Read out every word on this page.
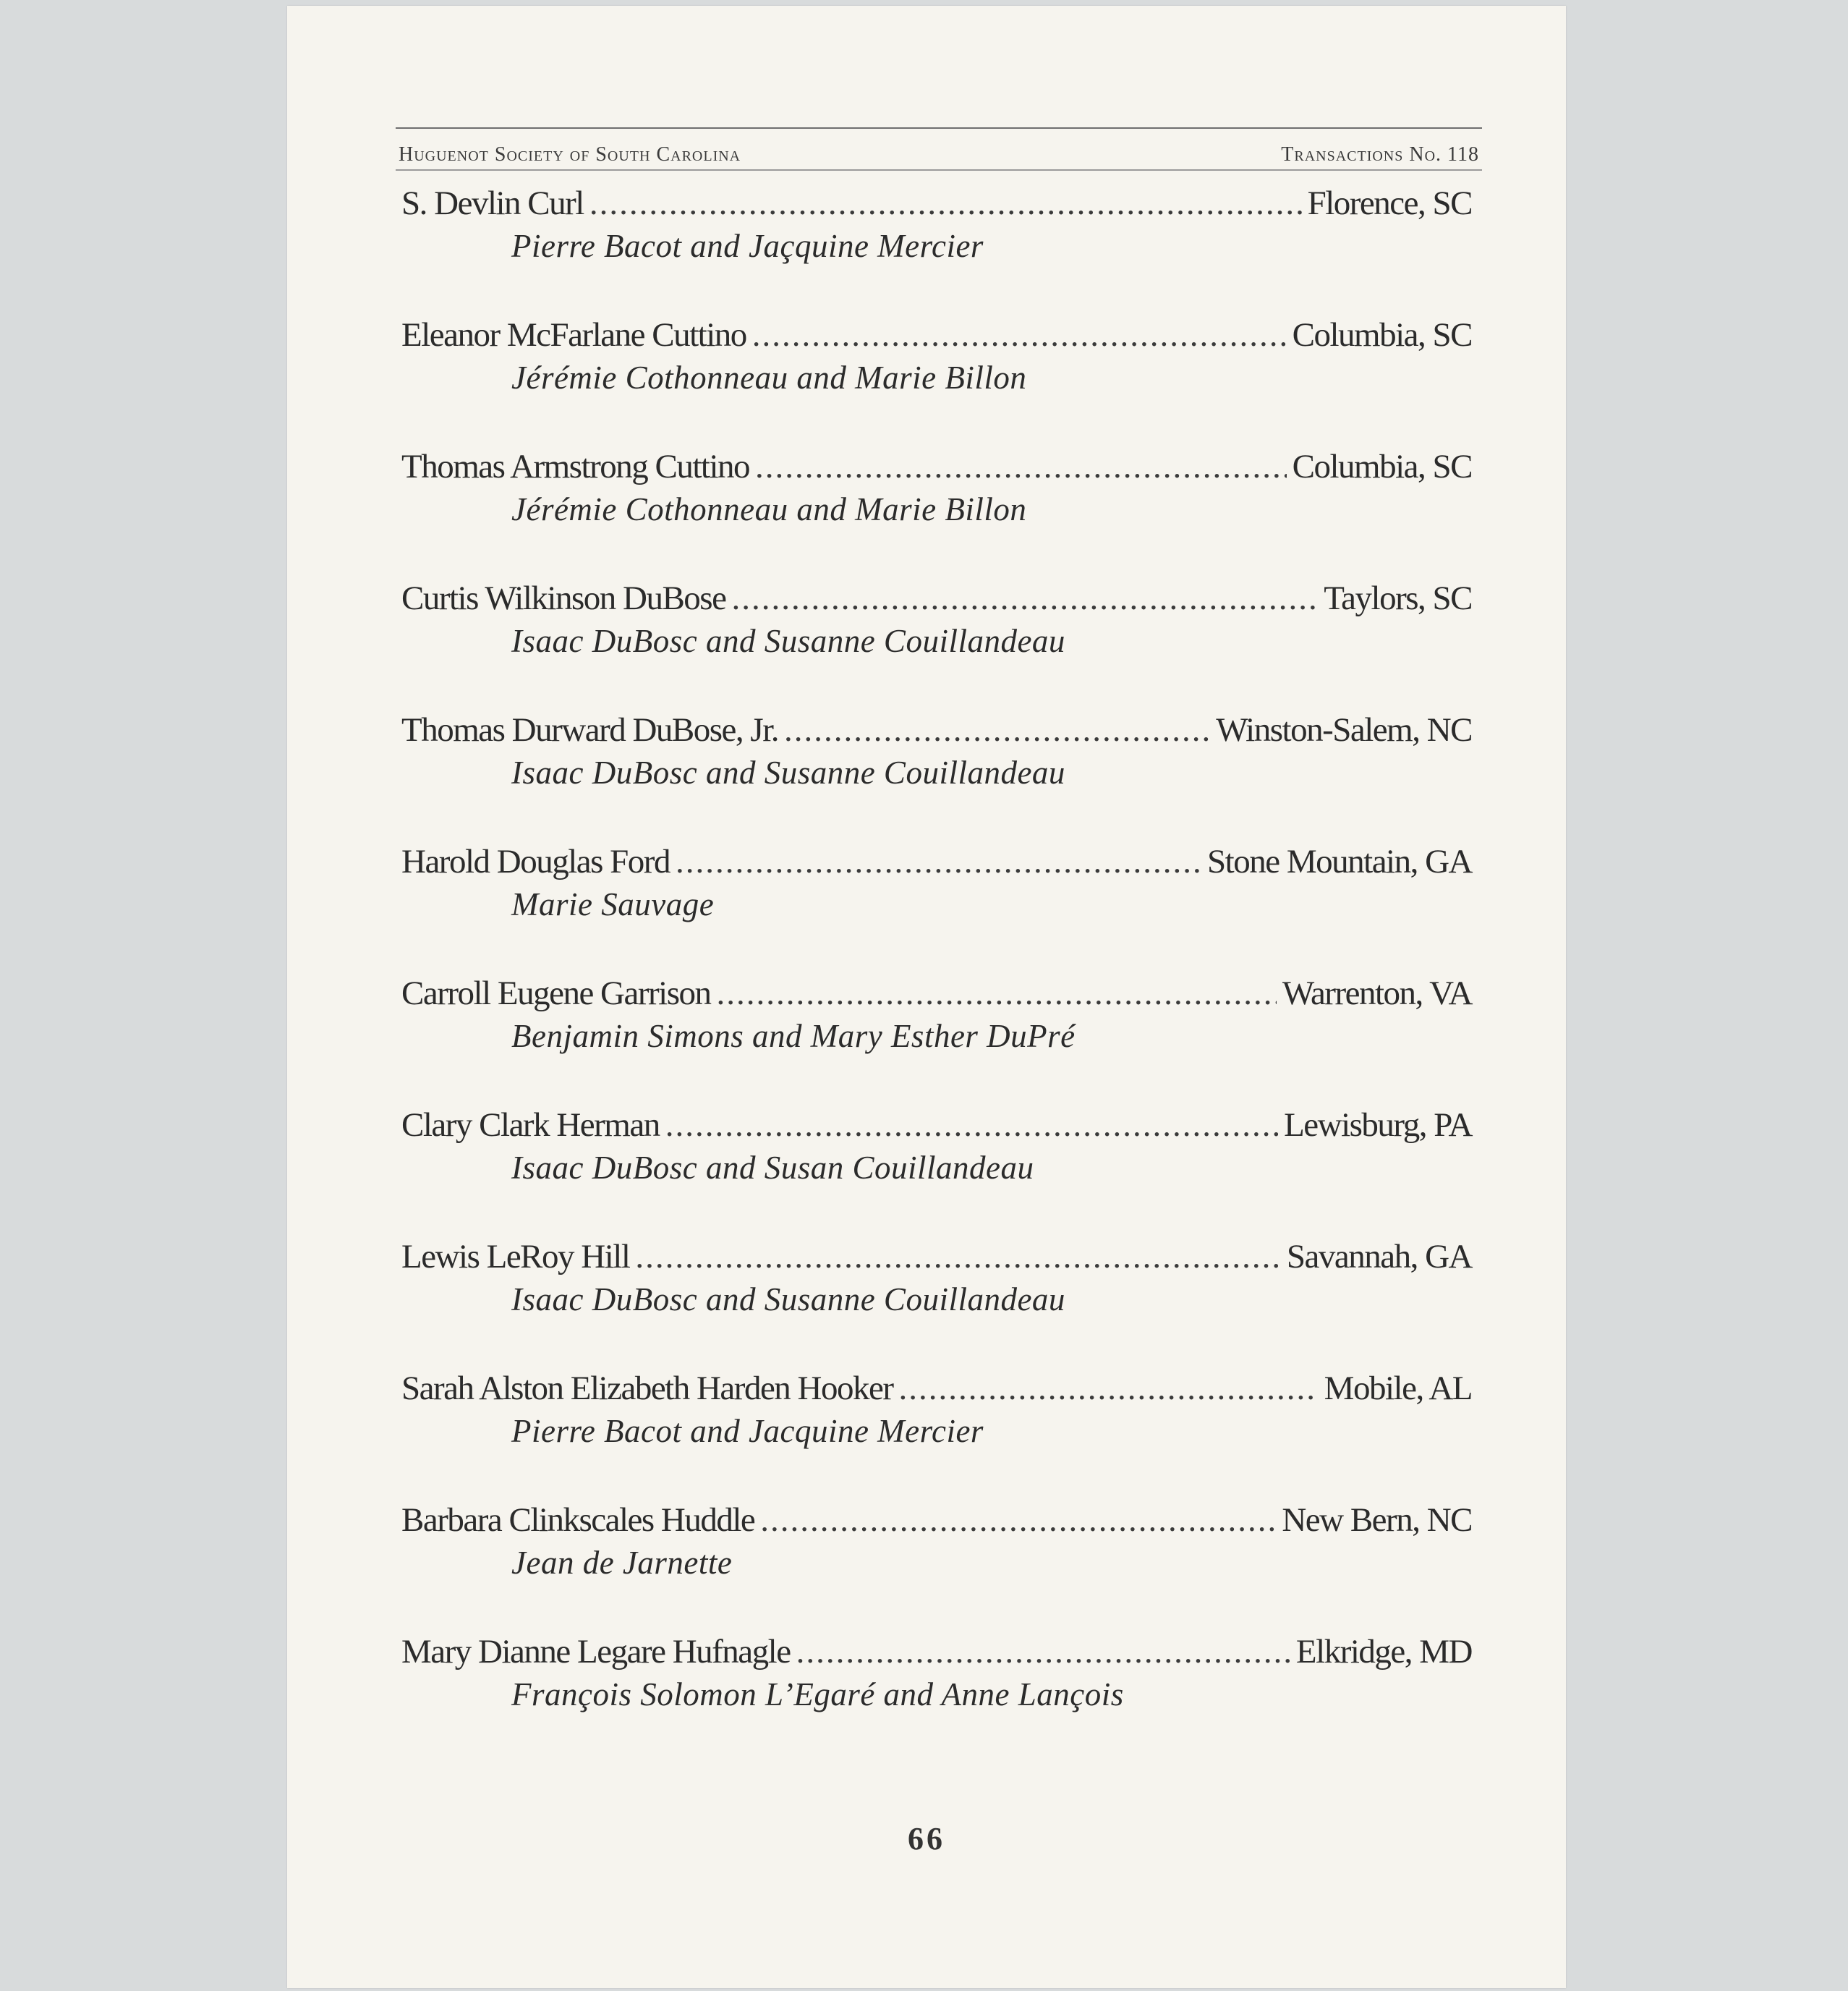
Huguenot Society of South Carolina	Transactions No. 118
S. Devlin Curl .....	Florence, SC
Pierre Bacot and Jaçquine Mercier
Eleanor McFarlane Cuttino .....	Columbia, SC
Jérémie Cothonneau and Marie Billon
Thomas Armstrong Cuttino .....	Columbia, SC
Jérémie Cothonneau and Marie Billon
Curtis Wilkinson DuBose .....	Taylors, SC
Isaac DuBosc and Susanne Couillandeau
Thomas Durward DuBose, Jr. .....	Winston-Salem, NC
Isaac DuBosc and Susanne Couillandeau
Harold Douglas Ford .....	Stone Mountain, GA
Marie Sauvage
Carroll Eugene Garrison .....	Warrenton, VA
Benjamin Simons and Mary Esther DuPré
Clary Clark Herman .....	Lewisburg, PA
Isaac DuBosc and Susan Couillandeau
Lewis LeRoy Hill .....	Savannah, GA
Isaac DuBosc and Susanne Couillandeau
Sarah Alston Elizabeth Harden Hooker .....	Mobile, AL
Pierre Bacot and Jacquine Mercier
Barbara Clinkscales Huddle .....	New Bern, NC
Jean de Jarnette
Mary Dianne Legare Hufnagle .....	Elkridge, MD
François Solomon L’Egaré and Anne Lançois
66
